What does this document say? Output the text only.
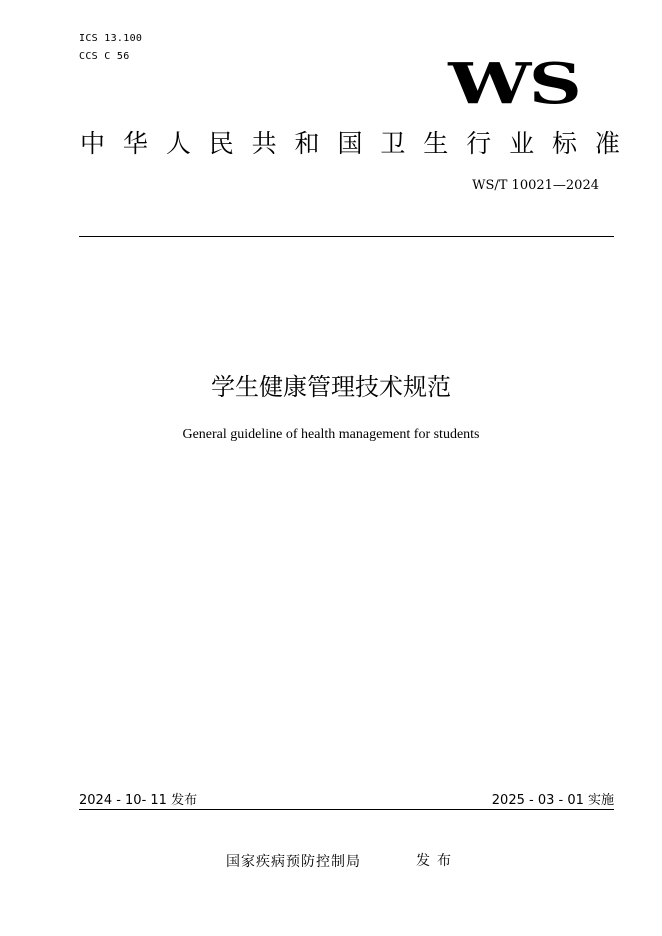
ICS 13.100
CCS C 56	WS
中 华 人 民 共 和 国 卫 生 行 业 标 准
WS/T 10021—2024
学生健康管理技术规范
General guideline of health management for students
2024 - 10- 11 发布	2025 - 03 - 01 实施
国家疾病预防控制局	发布
